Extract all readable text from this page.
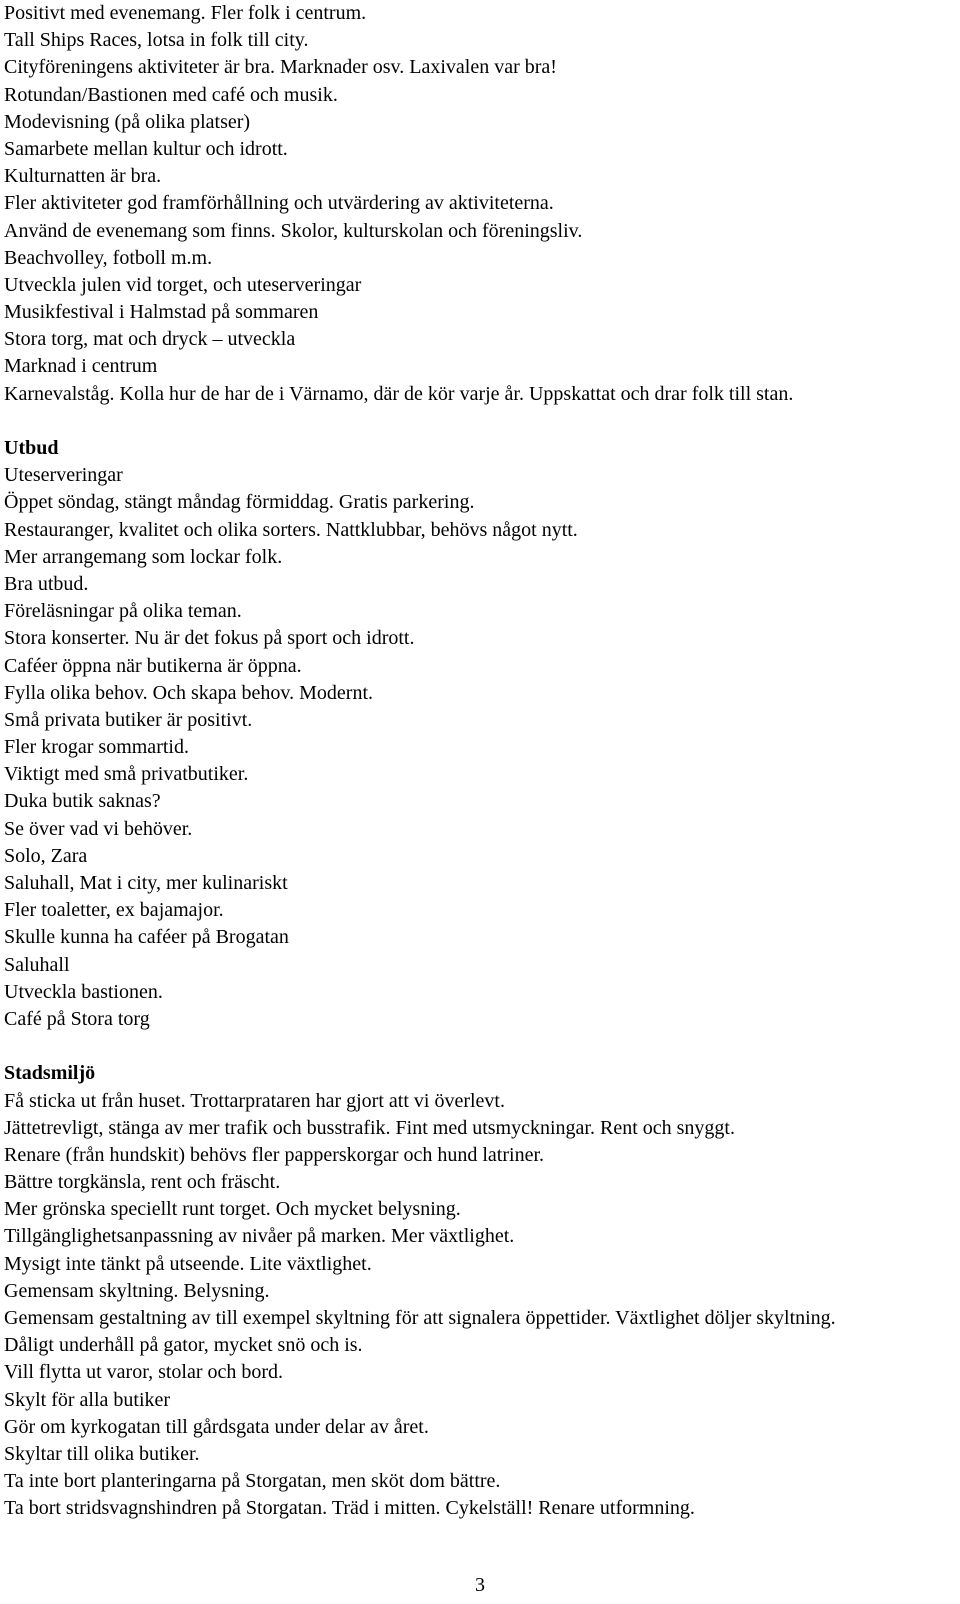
Positivt med evenemang. Fler folk i centrum.
Tall Ships Races, lotsa in folk till city.
Cityföreningens aktiviteter är bra. Marknader osv. Laxivalen var bra!
Rotundan/Bastionen med café och musik.
Modevisning (på olika platser)
Samarbete mellan kultur och idrott.
Kulturnatten är bra.
Fler aktiviteter god framförhållning och utvärdering av aktiviteterna.
Använd de evenemang som finns. Skolor, kulturskolan och föreningsliv.
Beachvolley, fotboll m.m.
Utveckla julen vid torget, och uteserveringar
Musikfestival i Halmstad på sommaren
Stora torg, mat och dryck – utveckla
Marknad i centrum
Karnevalståg. Kolla hur de har de i Värnamo, där de kör varje år. Uppskattat och drar folk till stan.
Utbud
Uteserveringar
Öppet söndag, stängt måndag förmiddag. Gratis parkering.
Restauranger, kvalitet och olika sorters. Nattklubbar, behövs något nytt.
Mer arrangemang som lockar folk.
Bra utbud.
Föreläsningar på olika teman.
Stora konserter. Nu är det fokus på sport och idrott.
Caféer öppna när butikerna är öppna.
Fylla olika behov. Och skapa behov. Modernt.
Små privata butiker är positivt.
Fler krogar sommartid.
Viktigt med små privatbutiker.
Duka butik saknas?
Se över vad vi behöver.
Solo, Zara
Saluhall, Mat i city, mer kulinariskt
Fler toaletter, ex bajamajor.
Skulle kunna ha caféer på Brogatan
Saluhall
Utveckla bastionen.
Café på Stora torg
Stadsmiljö
Få sticka ut från huset. Trottarprataren har gjort att vi överlevt.
Jättetrevligt, stänga av mer trafik och busstrafik. Fint med utsmyckningar. Rent och snyggt.
Renare (från hundskit) behövs fler papperskorgar och hund latriner.
Bättre torgkänsla, rent och fräscht.
Mer grönska speciellt runt torget. Och mycket belysning.
Tillgänglighetsanpassning av nivåer på marken. Mer växtlighet.
Mysigt inte tänkt på utseende. Lite växtlighet.
Gemensam skyltning. Belysning.
Gemensam gestaltning av till exempel skyltning för att signalera öppettider. Växtlighet döljer skyltning.
Dåligt underhåll på gator, mycket snö och is.
Vill flytta ut varor, stolar och bord.
Skylt för alla butiker
Gör om kyrkogatan till gårdsgata under delar av året.
Skyltar till olika butiker.
Ta inte bort planteringarna på Storgatan, men sköt dom bättre.
Ta bort stridsvagnshindren på Storgatan. Träd i mitten. Cykelställ! Renare utformning.
3
